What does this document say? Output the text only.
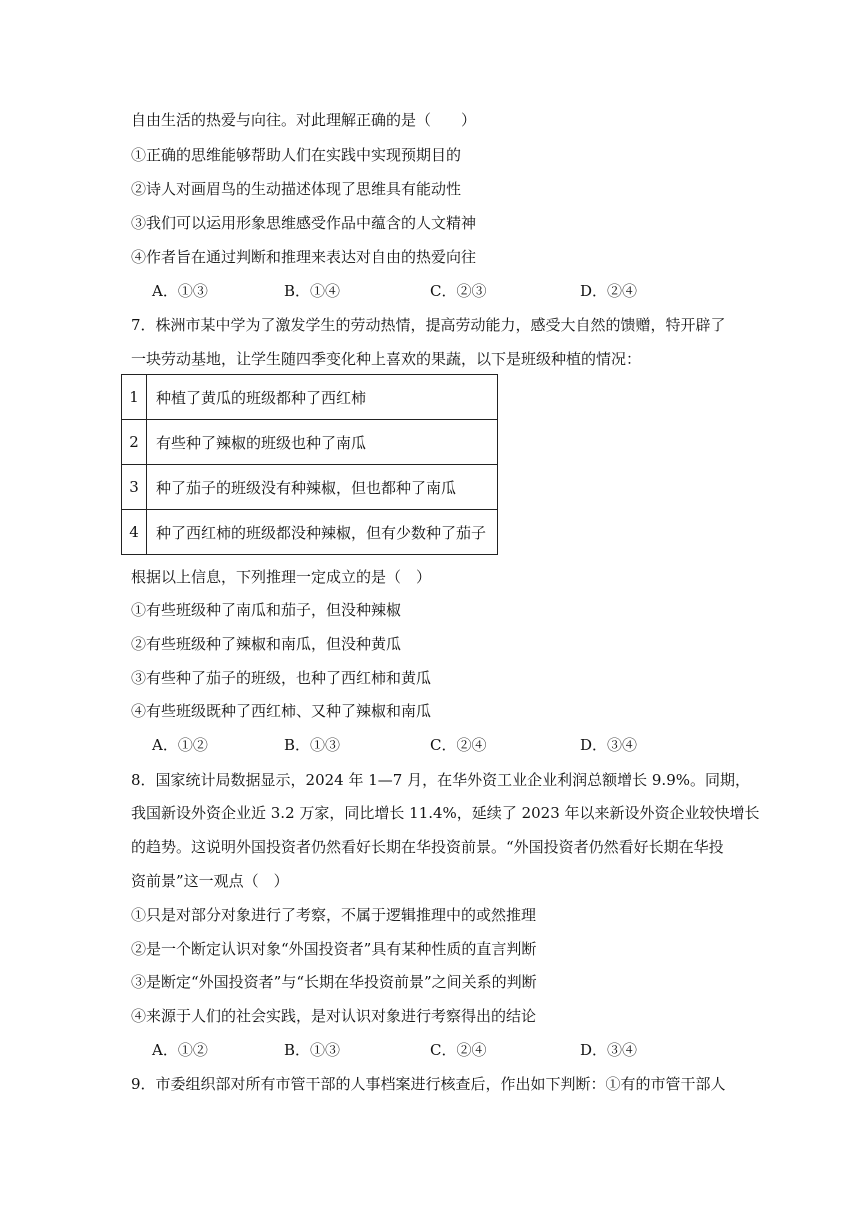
自由生活的热爱与向往。对此理解正确的是（　　）
①正确的思维能够帮助人们在实践中实现预期目的
②诗人对画眉鸟的生动描述体现了思维具有能动性
③我们可以运用形象思维感受作品中蕴含的人文精神
④作者旨在通过判断和推理来表达对自由的热爱向往
A．①③	B．①④	C．②③	D．②④
7．株洲市某中学为了激发学生的劳动热情，提高劳动能力，感受大自然的馈赠，特开辟了
一块劳动基地，让学生随四季变化种上喜欢的果蔬，以下是班级种植的情况：
1	种植了黄瓜的班级都种了西红柿
2	有些种了辣椒的班级也种了南瓜
3	种了茄子的班级没有种辣椒，但也都种了南瓜
4	种了西红柿的班级都没种辣椒，但有少数种了茄子
根据以上信息，下列推理一定成立的是（　）
①有些班级种了南瓜和茄子，但没种辣椒
②有些班级种了辣椒和南瓜，但没种黄瓜
③有些种了茄子的班级，也种了西红柿和黄瓜
④有些班级既种了西红柿、又种了辣椒和南瓜
A．①②	B．①③	C．②④	D．③④
8．国家统计局数据显示，2024 年 1—7 月，在华外资工业企业利润总额增长 9.9%。同期，
我国新设外资企业近 3.2 万家，同比增长 11.4%，延续了 2023 年以来新设外资企业较快增长
的趋势。这说明外国投资者仍然看好长期在华投资前景。“外国投资者仍然看好长期在华投
资前景”这一观点（　）
①只是对部分对象进行了考察，不属于逻辑推理中的或然推理
②是一个断定认识对象“外国投资者”具有某种性质的直言判断
③是断定“外国投资者”与“长期在华投资前景”之间关系的判断
④来源于人们的社会实践，是对认识对象进行考察得出的结论
A．①②	B．①③	C．②④	D．③④
9．市委组织部对所有市管干部的人事档案进行核查后，作出如下判断：①有的市管干部人
